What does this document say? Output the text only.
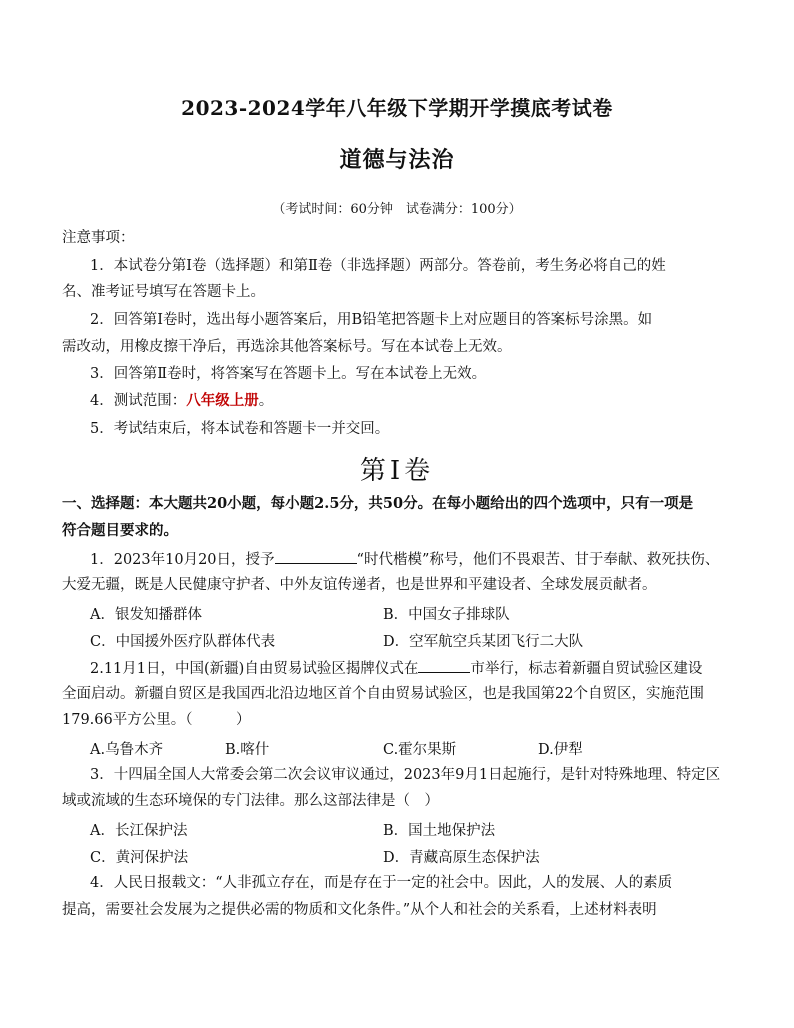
2023-2024学年八年级下学期开学摸底考试卷
道德与法治
（考试时间：60分钟　试卷满分：100分）
注意事项：
1．本试卷分第Ⅰ卷（选择题）和第Ⅱ卷（非选择题）两部分。答卷前，考生务必将自己的姓
名、准考证号填写在答题卡上。
2．回答第Ⅰ卷时，选出每小题答案后，用B铅笔把答题卡上对应题目的答案标号涂黑。如
需改动，用橡皮擦干净后，再选涂其他答案标号。写在本试卷上无效。
3．回答第Ⅱ卷时，将答案写在答题卡上。写在本试卷上无效。
4．测试范围：八年级上册。
5．考试结束后，将本试卷和答题卡一并交回。
第Ⅰ卷
一、选择题：本大题共20小题，每小题2.5分，共50分。在每小题给出的四个选项中，只有一项是
符合题目要求的。
1．2023年10月20日，授予	“时代楷模”称号，他们不畏艰苦、甘于奉献、救死扶伤、
大爱无疆，既是人民健康守护者、中外友谊传递者，也是世界和平建设者、全球发展贡献者。
A．银发知播群体	B．中国女子排球队
C．中国援外医疗队群体代表	D．空军航空兵某团飞行二大队
2.11月1日，中国(新疆)自由贸易试验区揭牌仪式在	市举行，标志着新疆自贸试验区建设
全面启动。新疆自贸区是我国西北沿边地区首个自由贸易试验区，也是我国第22个自贸区，实施范围
179.66平方公里。（　　　）
A.乌鲁木齐	B.喀什	C.霍尔果斯	D.伊犁
3．十四届全国人大常委会第二次会议审议通过，2023年9月1日起施行，是针对特殊地理、特定区
域或流域的生态环境保的专门法律。那么这部法律是（　）
A．长江保护法	B．国土地保护法
C．黄河保护法	D．青藏高原生态保护法
4．人民日报载文：“人非孤立存在，而是存在于一定的社会中。因此，人的发展、人的素质
提高，需要社会发展为之提供必需的物质和文化条件。”从个人和社会的关系看，上述材料表明
